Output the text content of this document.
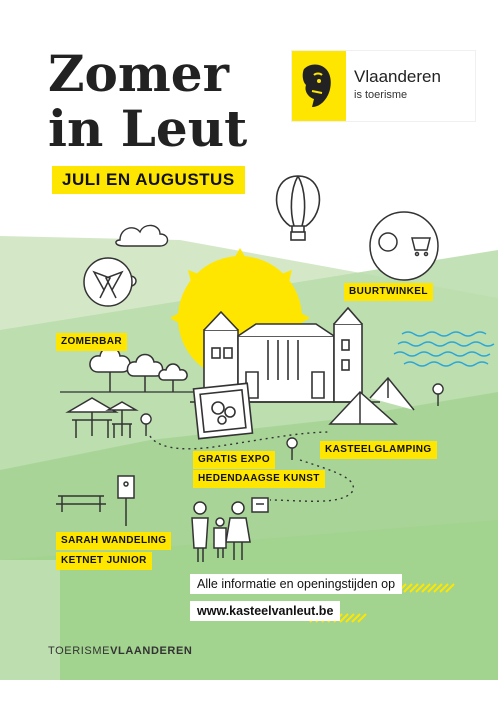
Zomer
in Leut
JULI EN AUGUSTUS
Vlaanderen
is toerisme
BUURTWINKEL
ZOMERBAR
KASTEELGLAMPING
GRATIS EXPO
HEDENDAAGSE KUNST
SARAH WANDELING
KETNET JUNIOR
Alle informatie en openingstijden op
www.kasteelvanleut.be
TOERISMEVLAANDEREN
